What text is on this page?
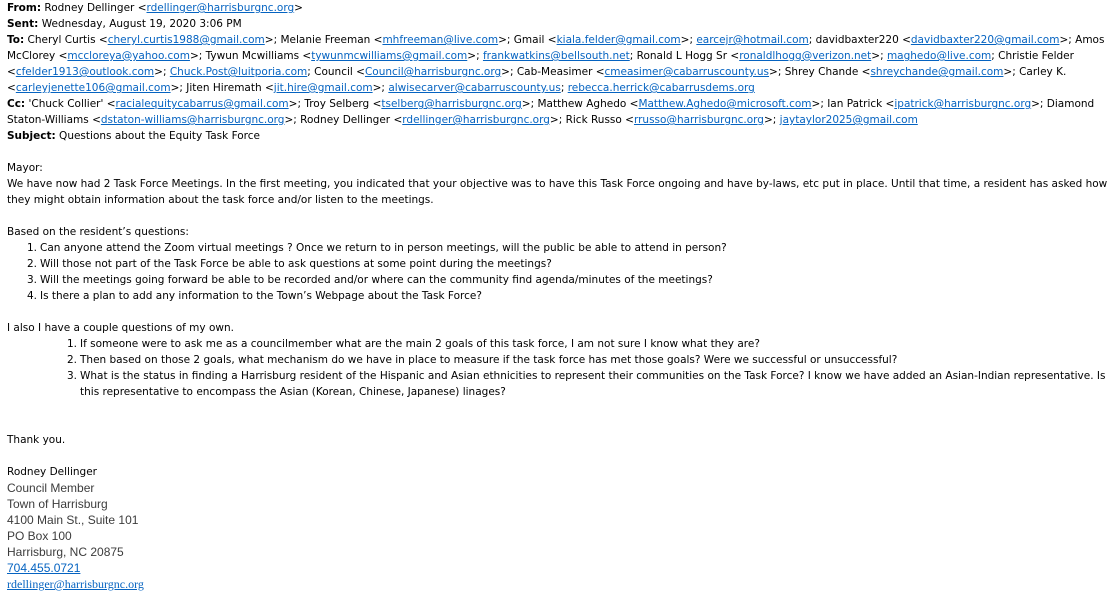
From: Rodney Dellinger <rdellinger@harrisburgnc.org>
Sent: Wednesday, August 19, 2020 3:06 PM
To: Cheryl Curtis <cheryl.curtis1988@gmail.com>; Melanie Freeman <mhfreeman@live.com>; Gmail <kiala.felder@gmail.com>; earcejr@hotmail.com; davidbaxter220 <davidbaxter220@gmail.com>; Amos McClorey <mccloreya@yahoo.com>; Tywun Mcwilliams <tywunmcwilliams@gmail.com>; frankwatkins@bellsouth.net; Ronald L Hogg Sr <ronaldlhogg@verizon.net>; maghedo@live.com; Christie Felder <cfelder1913@outlook.com>; Chuck.Post@luitporia.com; Council <Council@harrisburgnc.org>; Cab-Measimer <cmeasimer@cabarruscounty.us>; Shrey Chande <shreychande@gmail.com>; Carley K. <carleyjenette106@gmail.com>; Jiten Hiremath <jit.hire@gmail.com>; alwisecarver@cabarruscounty.us; rebecca.herrick@cabarrusdems.org
Cc: 'Chuck Collier' <racialequitycabarrus@gmail.com>; Troy Selberg <tselberg@harrisburgnc.org>; Matthew Aghedo <Matthew.Aghedo@microsoft.com>; Ian Patrick <ipatrick@harrisburgnc.org>; Diamond Staton-Williams <dstaton-williams@harrisburgnc.org>; Rodney Dellinger <rdellinger@harrisburgnc.org>; Rick Russo <rrusso@harrisburgnc.org>; jaytaylor2025@gmail.com
Subject: Questions about the Equity Task Force
Mayor:
We have now had 2 Task Force Meetings. In the first meeting, you indicated that your objective was to have this Task Force ongoing and have by-laws, etc put in place. Until that time, a resident has asked how they might obtain information about the task force and/or listen to the meetings.
Based on the resident’s questions:
1. Can anyone attend the Zoom virtual meetings ? Once we return to in person meetings, will the public be able to attend in person?
2. Will those not part of the Task Force be able to ask questions at some point during the meetings?
3. Will the meetings going forward be able to be recorded and/or where can the community find agenda/minutes of the meetings?
4. Is there a plan to add any information to the Town’s Webpage about the Task Force?
I also I have a couple questions of my own.
1. If someone were to ask me as a councilmember what are the main 2 goals of this task force, I am not sure I know what they are?
2. Then based on those 2 goals, what mechanism do we have in place to measure if the task force has met those goals? Were we successful or unsuccessful?
3. What is the status in finding a Harrisburg resident of the Hispanic and Asian ethnicities to represent their communities on the Task Force? I know we have added an Asian-Indian representative. Is this representative to encompass the Asian (Korean, Chinese, Japanese) linages?
Thank you.
Rodney Dellinger
Council Member
Town of Harrisburg
4100 Main St., Suite 101
PO Box 100
Harrisburg, NC 20875
704.455.0721
rdellinger@harrisburgnc.org
